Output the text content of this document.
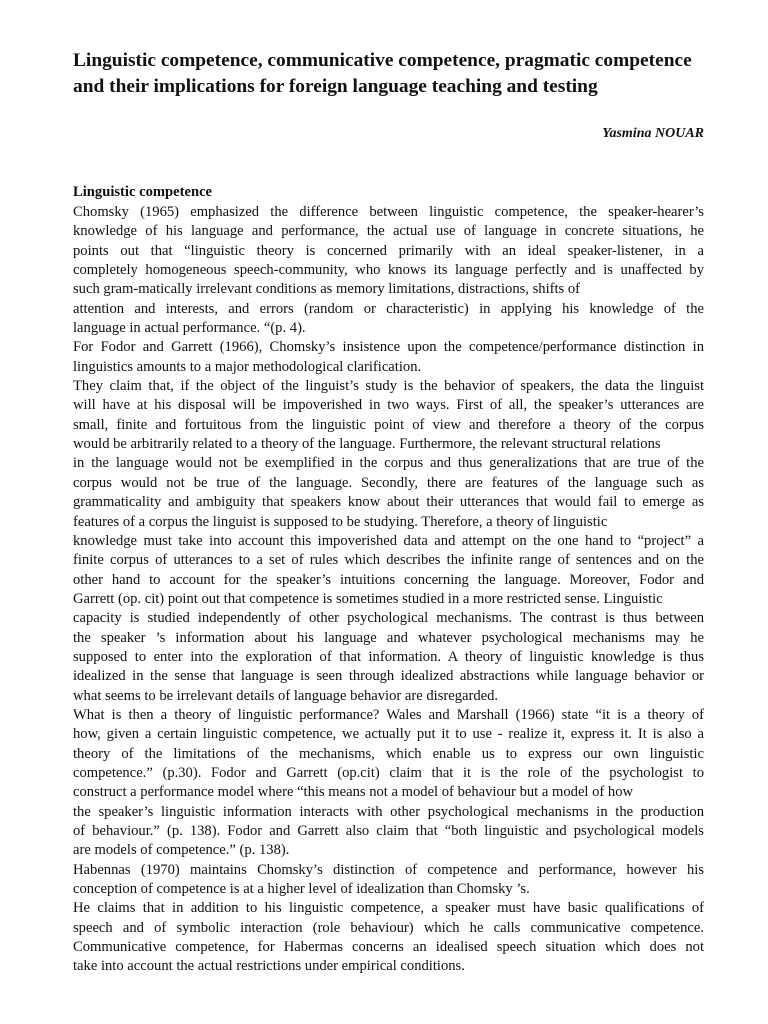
Linguistic competence, communicative competence, pragmatic competence and their implications for foreign language teaching and testing

Yasmina NOUAR

Linguistic competence
Chomsky (1965) emphasized the difference between linguistic competence, the speaker-hearer’s
knowledge of his language and performance, the actual use of language in concrete situations, he
points out that “linguistic theory is concerned primarily with an ideal speaker-listener, in a
completely homogeneous speech-community, who knows its language perfectly and is unaffected by
such gram-matically irrelevant conditions as memory limitations, distractions, shifts of
attention and interests, and errors (random or characteristic) in applying his knowledge of the
language in actual performance. “(p. 4).
For Fodor and Garrett (1966), Chomsky’s insistence upon the competence/performance distinction in
linguistics amounts to a major methodological clarification.
They claim that, if the object of the linguist’s study is the behavior of speakers, the data the linguist
will have at his disposal will be impoverished in two ways. First of all, the speaker’s utterances are
small, finite and fortuitous from the linguistic point of view and therefore a theory of the corpus
would be arbitrarily related to a theory of the language. Furthermore, the relevant structural relations
in the language would not be exemplified in the corpus and thus generalizations that are true of the
corpus would not be true of the language. Secondly, there are features of the language such as
grammaticality and ambiguity that speakers know about their utterances that would fail to emerge as
features of a corpus the linguist is supposed to be studying. Therefore, a theory of linguistic
knowledge must take into account this impoverished data and attempt on the one hand to “project” a
finite corpus of utterances to a set of rules which describes the infinite range of sentences and on the
other hand to account for the speaker’s intuitions concerning the language. Moreover, Fodor and
Garrett (op. cit) point out that competence is sometimes studied in a more restricted sense. Linguistic
capacity is studied independently of other psychological mechanisms. The contrast is thus between
the speaker ’s information about his language and whatever psychological mechanisms may he
supposed to enter into the exploration of that information. A theory of linguistic knowledge is thus
idealized in the sense that language is seen through idealized abstractions while language behavior or
what seems to be irrelevant details of language behavior are disregarded.
What is then a theory of linguistic performance? Wales and Marshall (1966) state “it is a theory of
how, given a certain linguistic competence, we actually put it to use - realize it, express it. It is also a
theory of the limitations of the mechanisms, which enable us to express our own linguistic
competence.” (p.30). Fodor and Garrett (op.cit) claim that it is the role of the psychologist to
construct a performance model where “this means not a model of behaviour but a model of how
the speaker’s linguistic information interacts with other psychological mechanisms in the production
of behaviour.” (p. 138). Fodor and Garrett also claim that “both linguistic and psychological models
are models of competence.” (p. 138).
Habennas (1970) maintains Chomsky’s distinction of competence and performance, however his
conception of competence is at a higher level of idealization than Chomsky ’s.
He claims that in addition to his linguistic competence, a speaker must have basic qualifications of
speech and of symbolic interaction (role behaviour) which he calls communicative competence.
Communicative competence, for Habermas concerns an idealised speech situation which does not
take into account the actual restrictions under empirical conditions.
